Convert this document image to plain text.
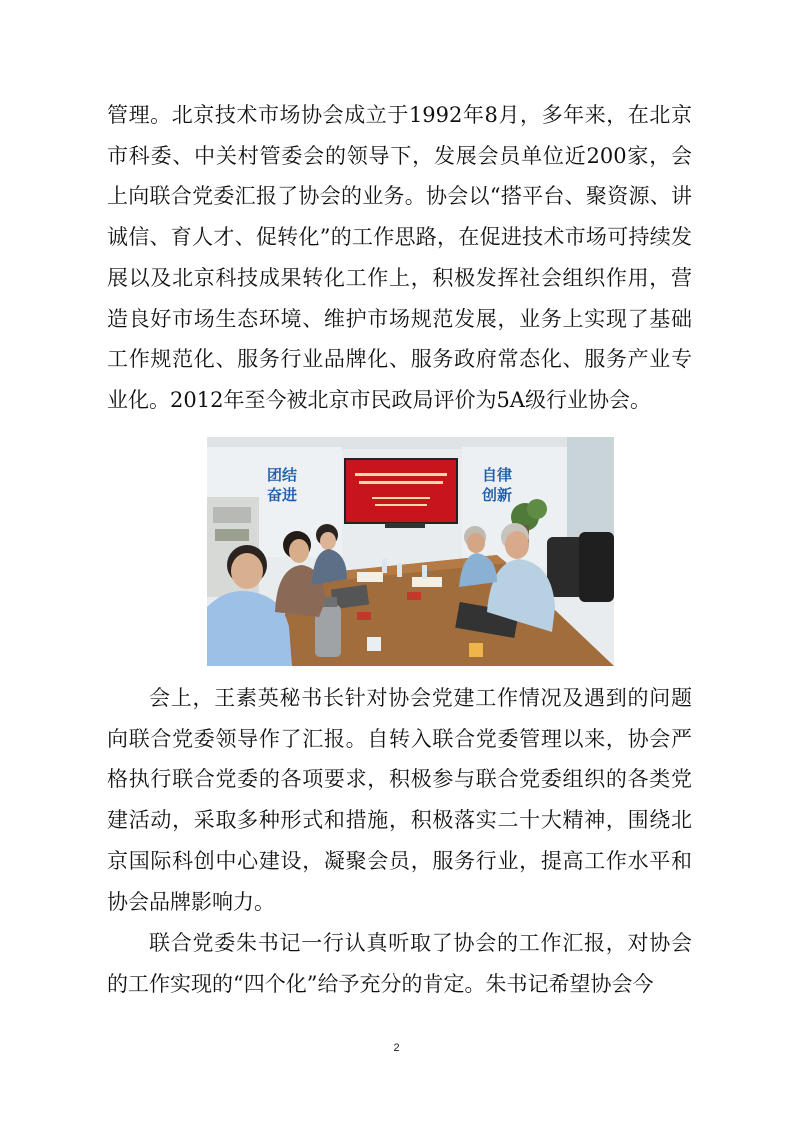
管理。北京技术市场协会成立于1992年8月，多年来，在北京市科委、中关村管委会的领导下，发展会员单位近200家，会上向联合党委汇报了协会的业务。协会以“搭平台、聚资源、讲诚信、育人才、促转化”的工作思路，在促进技术市场可持续发展以及北京科技成果转化工作上，积极发挥社会组织作用，营造良好市场生态环境、维护市场规范发展，业务上实现了基础工作规范化、服务行业品牌化、服务政府常态化、服务产业专业化。2012年至今被北京市民政局评价为5A级行业协会。

团结
奋进
自律
创新

会上，王素英秘书长针对协会党建工作情况及遇到的问题向联合党委领导作了汇报。自转入联合党委管理以来，协会严格执行联合党委的各项要求，积极参与联合党委组织的各类党建活动，采取多种形式和措施，积极落实二十大精神，围绕北京国际科创中心建设，凝聚会员，服务行业，提高工作水平和协会品牌影响力。

联合党委朱书记一行认真听取了协会的工作汇报，对协会的工作实现的“四个化”给予充分的肯定。朱书记希望协会今

2
